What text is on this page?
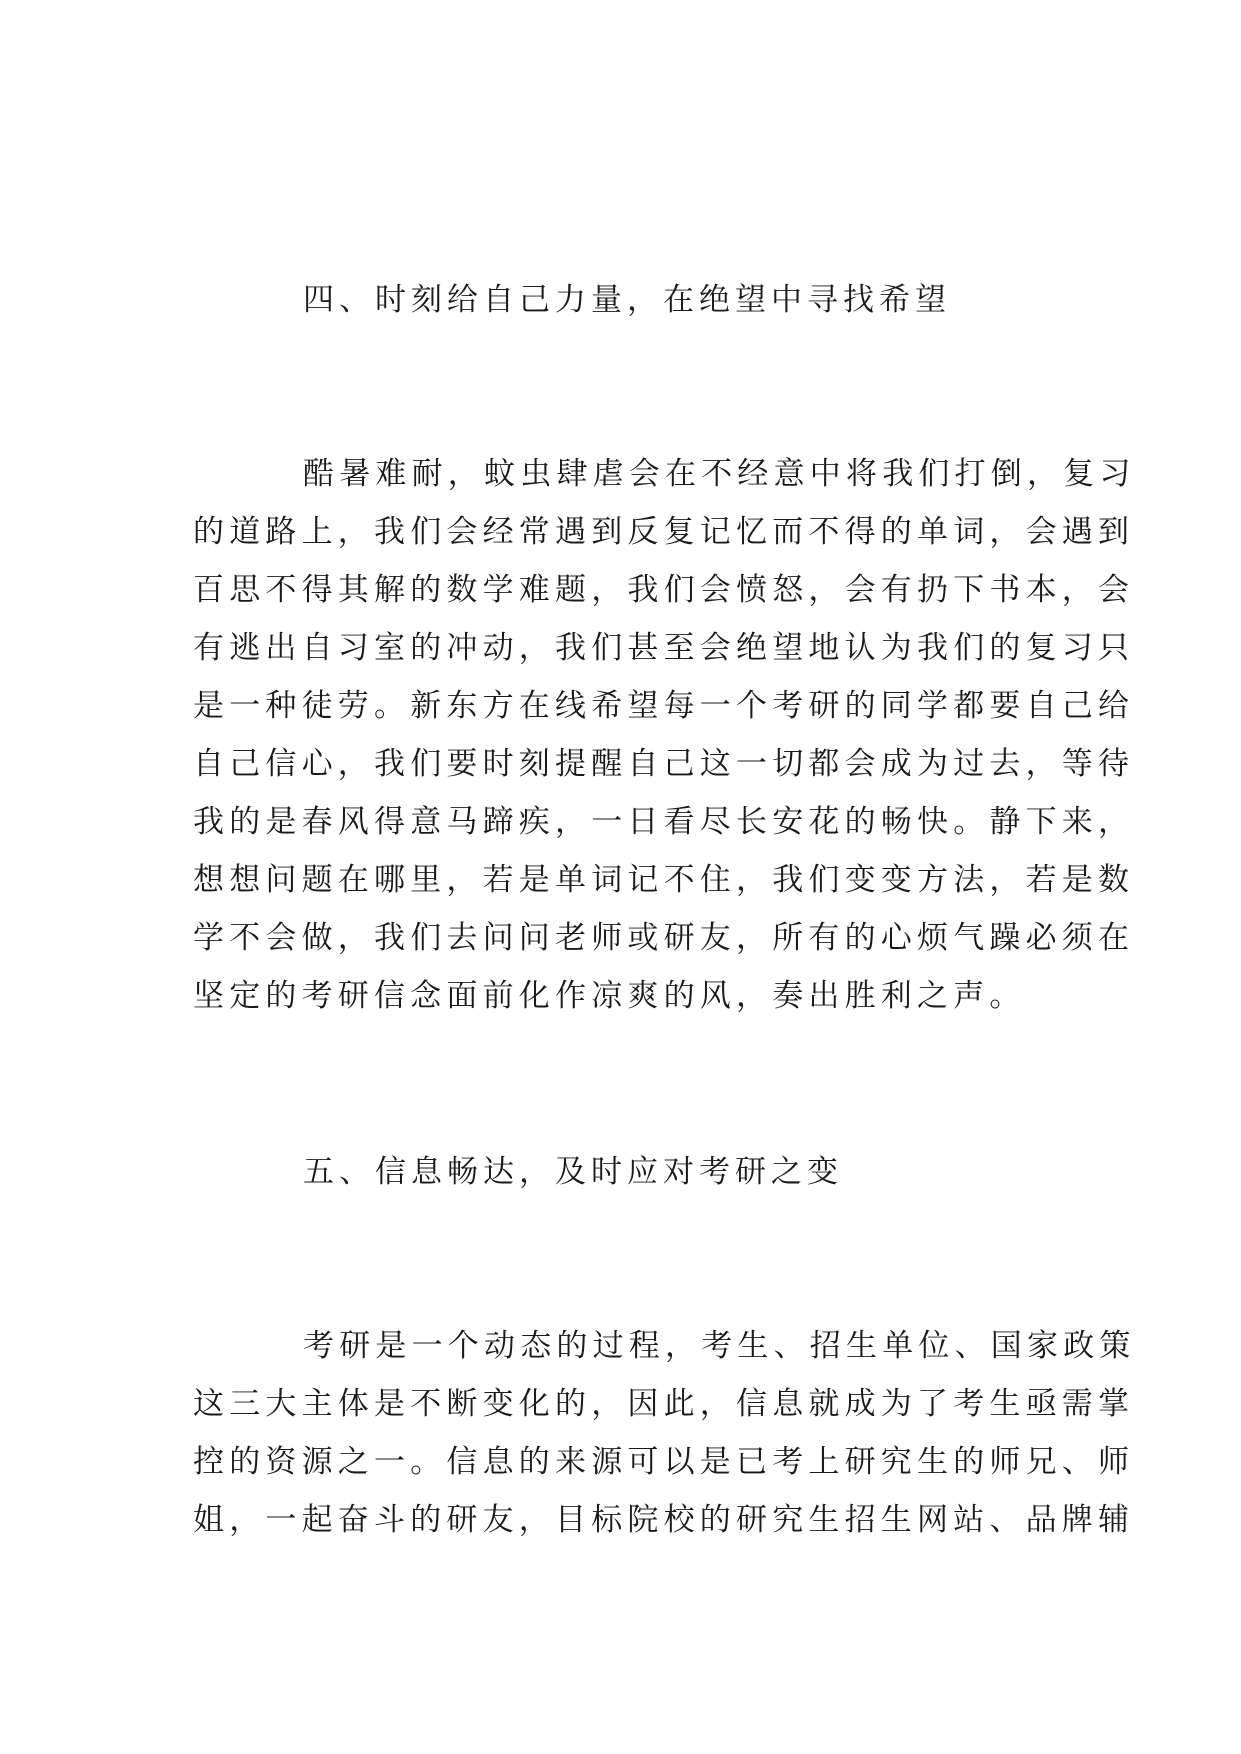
四、时刻给自己力量，在绝望中寻找希望
酷暑难耐，蚊虫肆虐会在不经意中将我们打倒，复习
的道路上，我们会经常遇到反复记忆而不得的单词，会遇到
百思不得其解的数学难题，我们会愤怒，会有扔下书本，会
有逃出自习室的冲动，我们甚至会绝望地认为我们的复习只
是一种徒劳。新东方在线希望每一个考研的同学都要自己给
自己信心，我们要时刻提醒自己这一切都会成为过去，等待
我的是春风得意马蹄疾，一日看尽长安花的畅快。静下来，
想想问题在哪里，若是单词记不住，我们变变方法，若是数
学不会做，我们去问问老师或研友，所有的心烦气躁必须在
坚定的考研信念面前化作凉爽的风，奏出胜利之声。
五、信息畅达，及时应对考研之变
考研是一个动态的过程，考生、招生单位、国家政策
这三大主体是不断变化的，因此，信息就成为了考生亟需掌
控的资源之一。信息的来源可以是已考上研究生的师兄、师
姐，一起奋斗的研友，目标院校的研究生招生网站、品牌辅
